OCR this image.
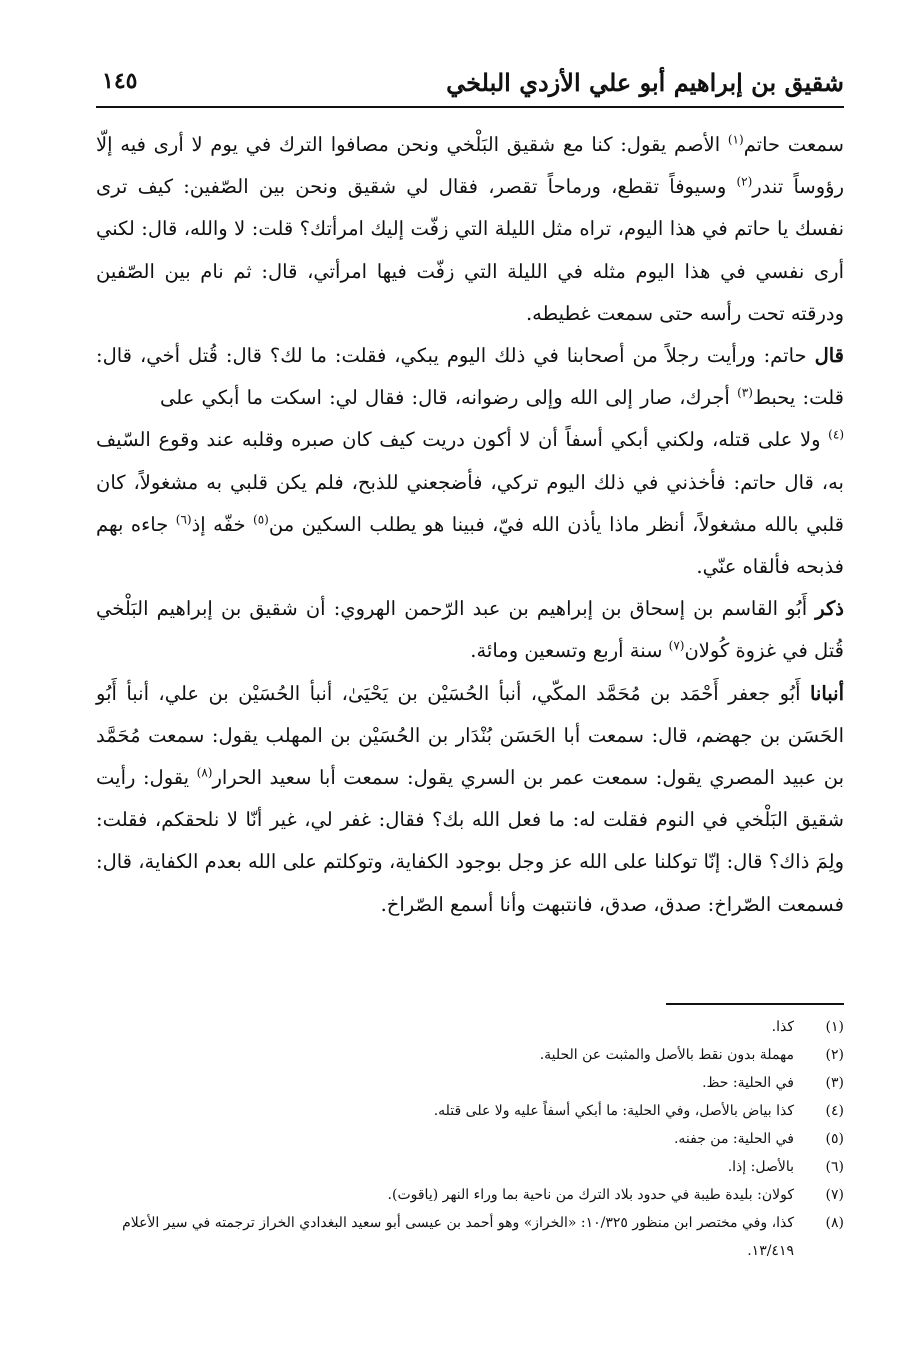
شقيق بن إبراهيم أبو علي الأزدي البلخي
١٤٥

سمعت حاتم$^{(١)}$ الأصم يقول: كنا مع شقيق البَلْخي ونحن مصافوا الترك في يوم لا أرى فيه إلّا رؤوساً تندر$^{(٢)}$ وسيوفاً تقطع، ورماحاً تقصر، فقال لي شقيق ونحن بين الصّفين: كيف ترى نفسك يا حاتم في هذا اليوم، تراه مثل الليلة التي زفّت إليك امرأتك؟ قلت: لا والله، قال: لكني أرى نفسي في هذا اليوم مثله في الليلة التي زفّت فيها امرأتي، قال: ثم نام بين الصّفين ودرقته تحت رأسه حتى سمعت غطيطه.

قال حاتم: ورأيت رجلاً من أصحابنا في ذلك اليوم يبكي، فقلت: ما لك؟ قال: قُتل أخي، قال: قلت: يحبط$^{(٣)}$ أجرك، صار إلى الله وإلى رضوانه، قال: فقال لي: اسكت ما أبكي على$^{(٤)}$ ولا على قتله، ولكني أبكي أسفاً أن لا أكون دريت كيف كان صبره وقلبه عند وقوع السّيف به، قال حاتم: فأخذني في ذلك اليوم تركي، فأضجعني للذبح، فلم يكن قلبي به مشغولاً، كان قلبي بالله مشغولاً، أنظر ماذا يأذن الله فيّ، فبينا هو يطلب السكين من$^{(٥)}$ خفّه إذ$^{(٦)}$ جاءه بهم فذبحه فألقاه عنّي.

ذكر أَبُو القاسم بن إسحاق بن إبراهيم بن عبد الرّحمن الهروي: أن شقيق بن إبراهيم البَلْخي قُتل في غزوة كُولان$^{(٧)}$ سنة أربع وتسعين ومائة.

أنبانا أَبُو جعفر أَحْمَد بن مُحَمَّد المكّي، أنبأ الحُسَيْن بن يَحْيَىٰ، أنبأ الحُسَيْن بن علي، أنبأ أَبُو الحَسَن بن جهضم، قال: سمعت أبا الحَسَن بُنْدَار بن الحُسَيْن بن المهلب يقول: سمعت مُحَمَّد بن عبيد المصري يقول: سمعت عمر بن السري يقول: سمعت أبا سعيد الحرار$^{(٨)}$ يقول: رأيت شقيق البَلْخي في النوم فقلت له: ما فعل الله بك؟ فقال: غفر لي، غير أنّا لا نلحقكم، فقلت: ولِمَ ذاك؟ قال: إنّا توكلنا على الله عز وجل بوجود الكفاية، وتوكلتم على الله بعدم الكفاية، قال: فسمعت الصّراخ: صدق، صدق، فانتبهت وأنا أسمع الصّراخ.

(١)
كذا.
(٢)
مهملة بدون نقط بالأصل والمثبت عن الحلية.
(٣)
في الحلية: حظ.
(٤)
كذا بياض بالأصل، وفي الحلية: ما أبكي أسفاً عليه ولا على قتله.
(٥)
في الحلية: من جفنه.
(٦)
بالأصل: إذا.
(٧)
كولان: بليدة طيبة في حدود بلاد الترك من ناحية بما وراء النهر (ياقوت).
(٨)
كذا، وفي مختصر ابن منظور ١٠/٣٢٥: «الخراز» وهو أحمد بن عيسى أبو سعيد البغدادي الخراز ترجمته في سير الأعلام ١٣/٤١٩.
